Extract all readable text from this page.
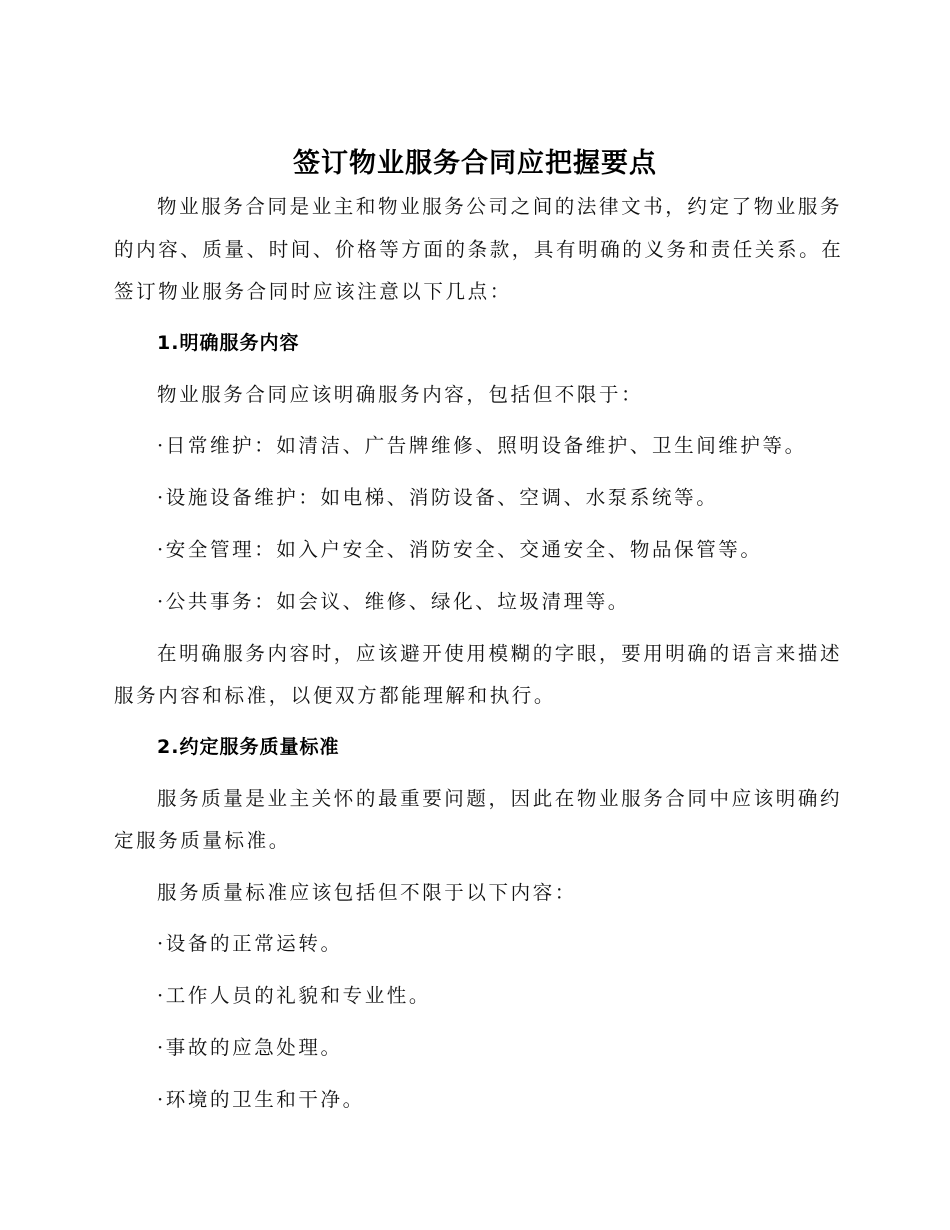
签订物业服务合同应把握要点
物业服务合同是业主和物业服务公司之间的法律文书，约定了物业服务
的内容、质量、时间、价格等方面的条款，具有明确的义务和责任关系。在
签订物业服务合同时应该注意以下几点：
1.明确服务内容
物业服务合同应该明确服务内容，包括但不限于：
·日常维护：如清洁、广告牌维修、照明设备维护、卫生间维护等。
·设施设备维护：如电梯、消防设备、空调、水泵系统等。
·安全管理：如入户安全、消防安全、交通安全、物品保管等。
·公共事务：如会议、维修、绿化、垃圾清理等。
在明确服务内容时，应该避开使用模糊的字眼，要用明确的语言来描述
服务内容和标准，以便双方都能理解和执行。
2.约定服务质量标准
服务质量是业主关怀的最重要问题，因此在物业服务合同中应该明确约
定服务质量标准。
服务质量标准应该包括但不限于以下内容：
·设备的正常运转。
·工作人员的礼貌和专业性。
·事故的应急处理。
·环境的卫生和干净。
